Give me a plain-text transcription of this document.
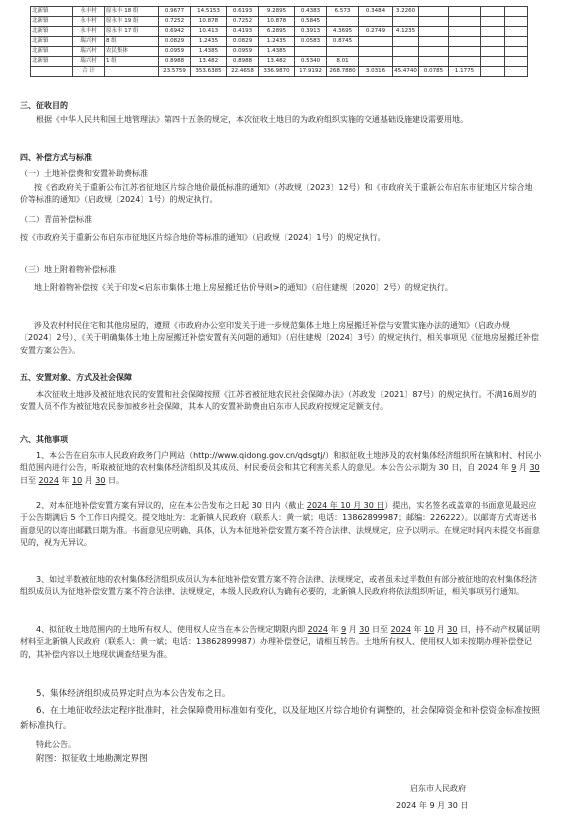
北新镇	永丰村	原永丰 18 组	0.9677	14.5153	0.6193	9.2895	0.4383	6.573	0.3484	3.2260				
北新镇	永丰村	原永丰 19 组	0.7252	10.878	0.7252	10.878	0.5845							
北新镇	永丰村	原永丰 17 组	0.6942	10.413	0.4193	6.2895	0.3913	4.3695	0.2749	4.1235				
北新镇	瑞兴村	8 组	0.0829	1.2435	0.0829	1.2435	0.0583	0.8745						
北新镇	瑞兴村	农民集体	0.0959	1.4385	0.0959	1.4385								
北新镇	瑞兴村	1 组	0.8988	13.482	0.8988	13.482	0.5340	8.01						
	合 计		23.5759	353.6385	22.4658	336.9870	17.9192	268.7880	3.0316	45.4740	0.0785	1.1775		
三、征收目的
根据《中华人民共和国土地管理法》第四十五条的规定，本次征收土地目的为政府组织实施的交通基础设施建设需要用地。
四、补偿方式与标准
（一）土地补偿费和安置补助费标准
按《省政府关于重新公布江苏省征地区片综合地价最低标准的通知》（苏政规〔2023〕12号）和《市政府关于重新公布启东市征地区片综合地价等标准的通知》（启政规〔2024〕1号）的规定执行。
（二）青苗补偿标准
按《市政府关于重新公布启东市征地区片综合地价等标准的通知》（启政规〔2024〕1号）的规定执行。
（三）地上附着物补偿标准
地上附着物补偿按《关于印发<启东市集体土地上房屋搬迁估价导则>的通知》（启住建规〔2020〕2号）的规定执行。
涉及农村村民住宅和其他房屋的，遵照《市政府办公室印发关于进一步规范集体土地上房屋搬迁补偿与安置实施办法的通知》（启政办规〔2024〕2号）、《关于明确集体土地上房屋搬迁补偿安置有关问题的通知》（启住建规〔2024〕3号）的规定执行，相关事项见《征地房屋搬迁补偿安置方案公告》。
五、安置对象、方式及社会保障
本次征收土地涉及被征地农民的安置和社会保障按照《江苏省被征地农民社会保障办法》（苏政发〔2021〕87号）的规定执行。不满16周岁的安置人员不作为被征地农民参加被乡社会保障，其本人的安置补助费由启东市人民政府按规定足额支付。
六、其他事项
1、本公告在启东市人民政府政务门户网站（http://www.qidong.gov.cn/qdsgtj/）和拟征收土地涉及的农村集体经济组织所在镇和村、村民小组范围内进行公告，听取被征地的农村集体经济组织及其成员、村民委员会和其它利害关系人的意见。本公告公示期为 30 日，自 2024 年 9 月 30 日至 2024 年 10 月 30 日。
2、对本征地补偿安置方案有异议的，应在本公告发布之日起 30 日内（截止 2024 年 10 月 30 日）提出，实名签名或盖章的书面意见最迟应于公告期满后 5 个工作日内提交。提交地址为：北新镇人民政府（联系人：黄一斌；电话：13862899987；邮编：226222）。以邮寄方式寄送书面意见的以寄出邮戳日期为准。书面意见应明确、具体，认为本征地补偿安置方案不符合法律、法规规定，应予以明示。在规定时间内未提交书面意见的，视为无异议。
3、如过半数被征地的农村集体经济组织成员认为本征地补偿安置方案不符合法律、法规规定，或者虽未过半数但有部分被征地的农村集体经济组织成员认为征地补偿安置方案不符合法律、法规规定，本级人民政府认为确有必要的，北新镇人民政府将依法组织听证，相关事项另行通知。
4、拟征收土地范围内的土地所有权人、使用权人应当在本公告规定期限内即 2024 年 9 月 30 日至 2024 年 10 月 30 日，持不动产权属证明材料至北新镇人民政府（联系人：黄一斌；电话：13862899987）办理补偿登记，请相互转告。土地所有权人、使用权人如未按期办理补偿登记的，其补偿内容以土地现状调查结果为准。
5、集体经济组织成员界定时点为本公告发布之日。
6、在土地征收经法定程序批准时，社会保障费用标准如有变化，以及征地区片综合地价有调整的，社会保障资金和补偿资金标准按照新标准执行。
特此公告。
附图：拟征收土地勘测定界图
启东市人民政府
2024 年 9 月 30 日
